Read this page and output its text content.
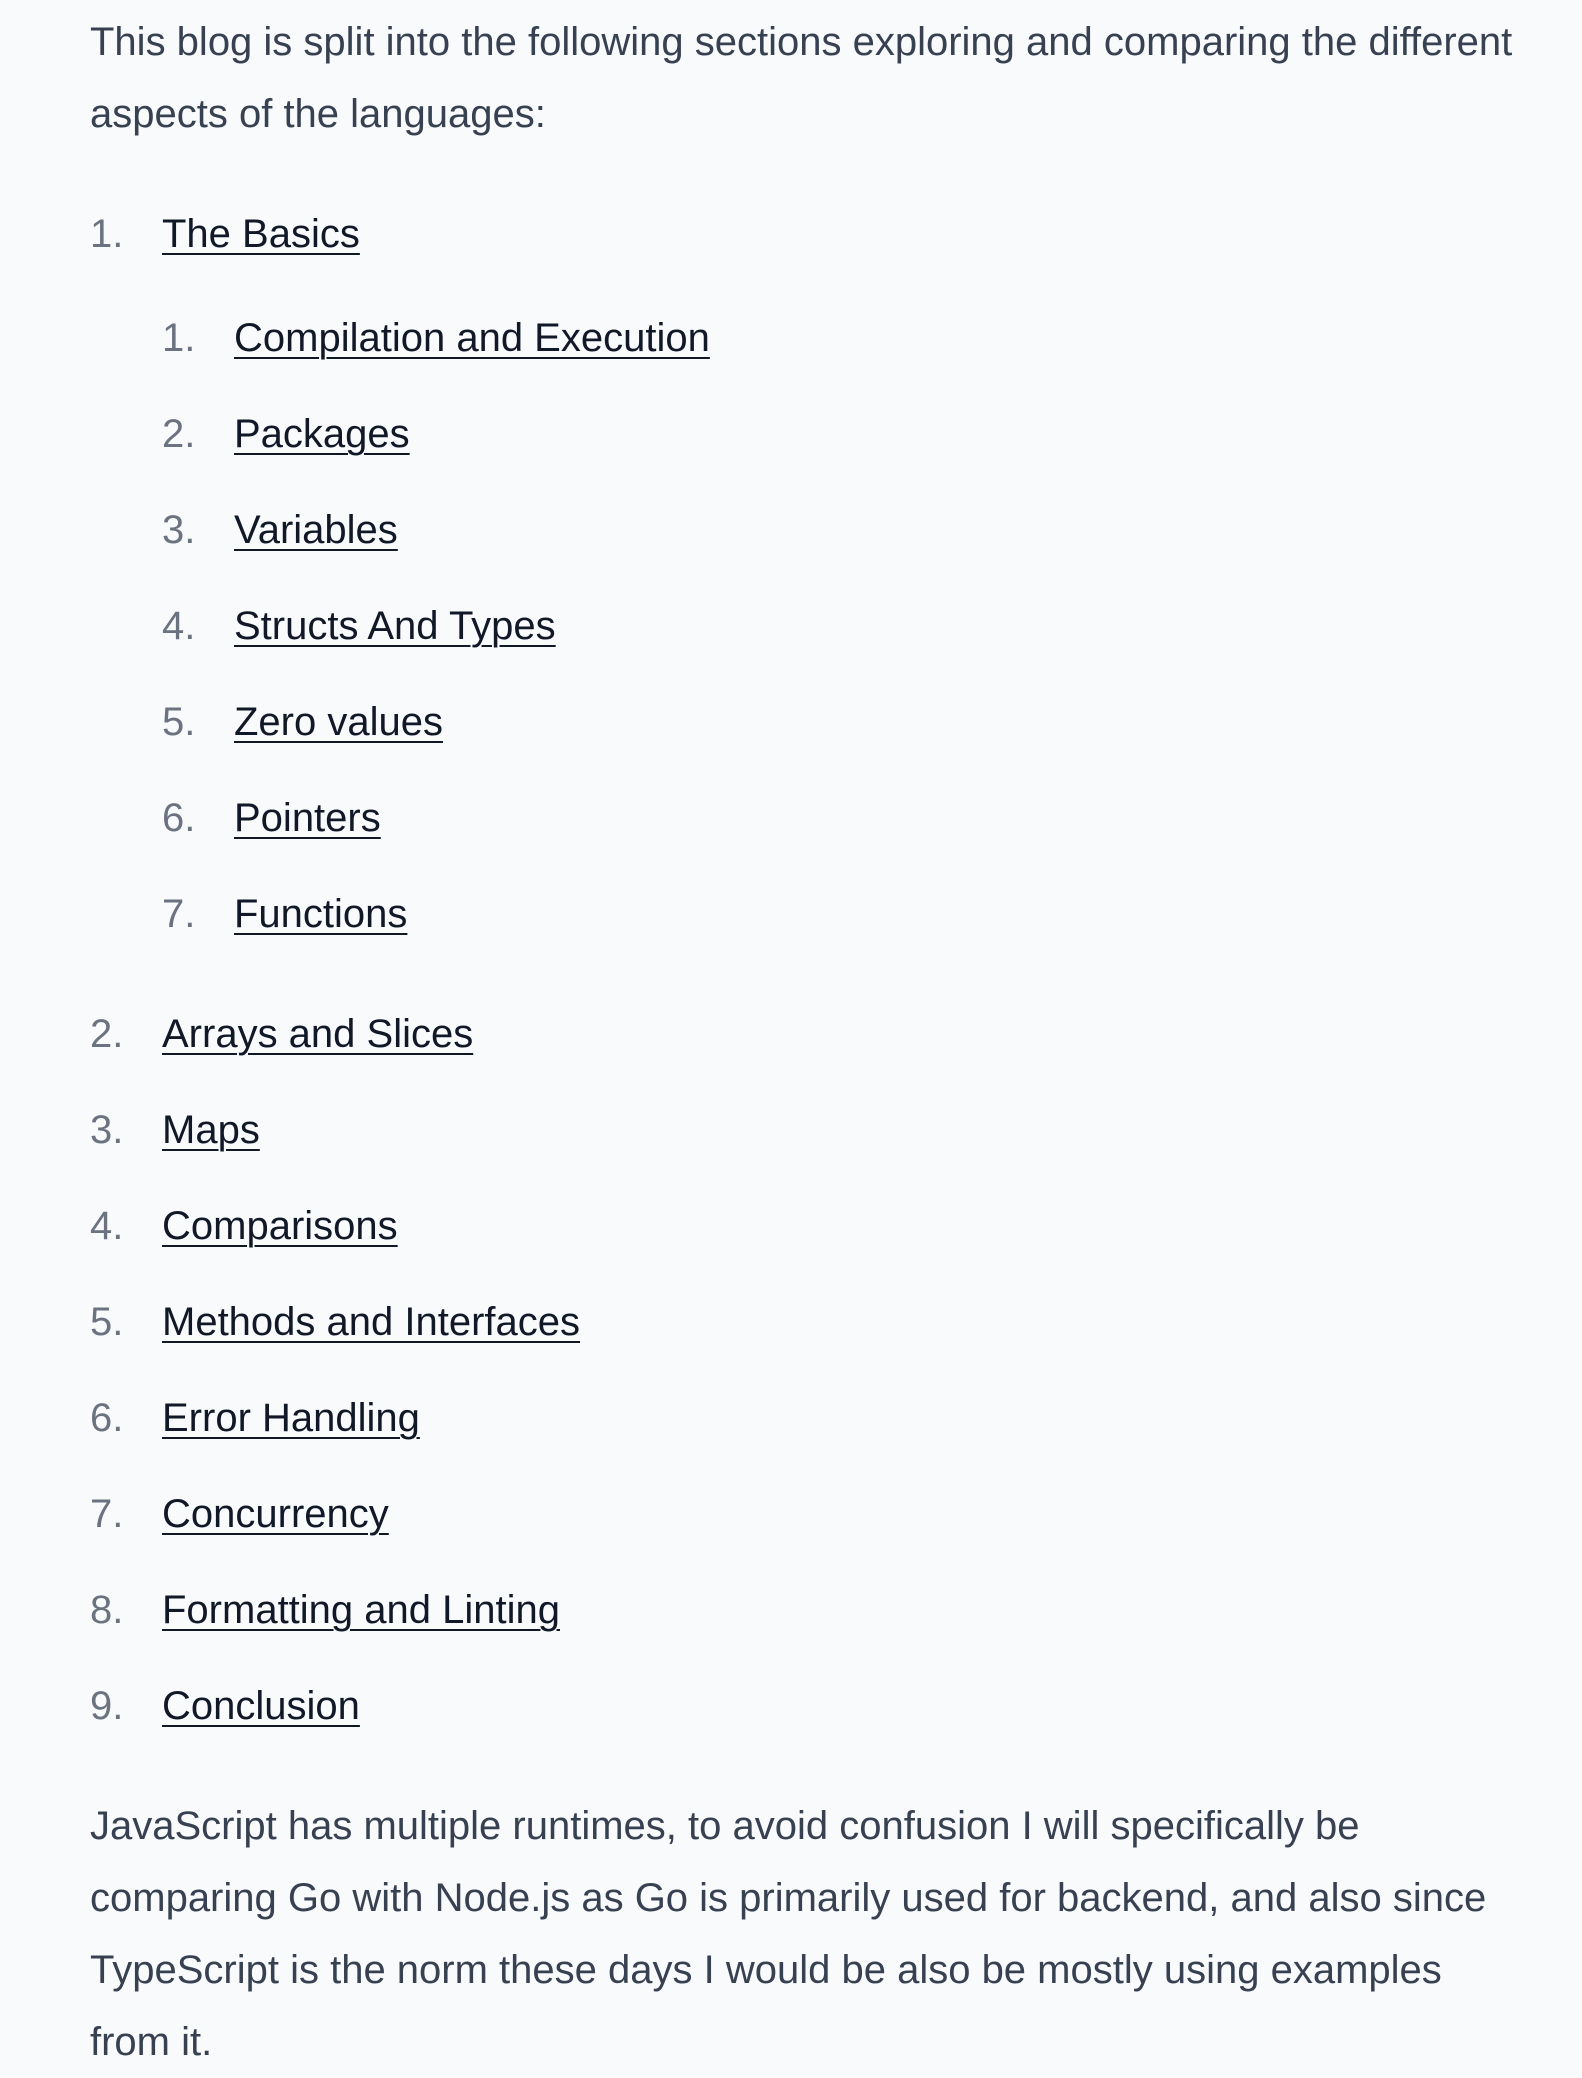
This blog is split into the following sections exploring and comparing the different aspects of the languages:

1. The Basics
1. Compilation and Execution
2. Packages
3. Variables
4. Structs And Types
5. Zero values
6. Pointers
7. Functions
2. Arrays and Slices
3. Maps
4. Comparisons
5. Methods and Interfaces
6. Error Handling
7. Concurrency
8. Formatting and Linting
9. Conclusion

JavaScript has multiple runtimes, to avoid confusion I will specifically be comparing Go with Node.js as Go is primarily used for backend, and also since TypeScript is the norm these days I would be also be mostly using examples from it.
